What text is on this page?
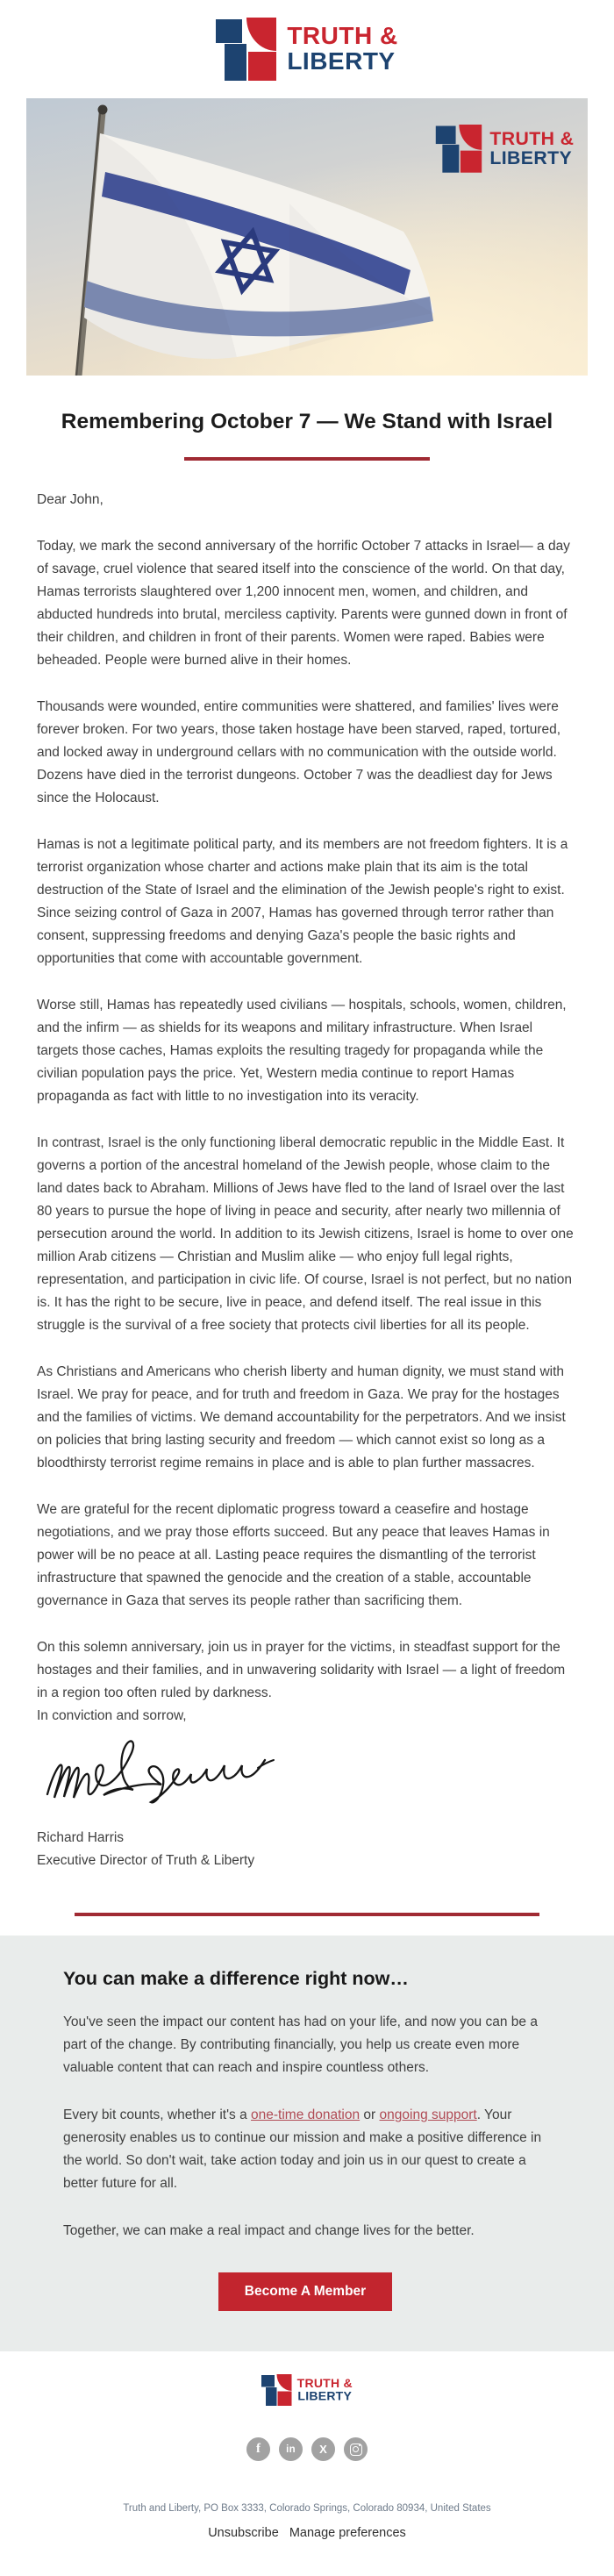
TRUTH &
LIBERTY
TRUTH &
LIBERTY
Remembering October 7 — We Stand with Israel

Dear John,

Today, we mark the second anniversary of the horrific October 7 attacks in Israel— a day of savage, cruel violence that seared itself into the conscience of the world. On that day, Hamas terrorists slaughtered over 1,200 innocent men, women, and children, and abducted hundreds into brutal, merciless captivity. Parents were gunned down in front of their children, and children in front of their parents. Women were raped. Babies were beheaded. People were burned alive in their homes.

Thousands were wounded, entire communities were shattered, and families' lives were forever broken. For two years, those taken hostage have been starved, raped, tortured, and locked away in underground cellars with no communication with the outside world. Dozens have died in the terrorist dungeons. October 7 was the deadliest day for Jews since the Holocaust.

Hamas is not a legitimate political party, and its members are not freedom fighters. It is a terrorist organization whose charter and actions make plain that its aim is the total destruction of the State of Israel and the elimination of the Jewish people's right to exist. Since seizing control of Gaza in 2007, Hamas has governed through terror rather than consent, suppressing freedoms and denying Gaza's people the basic rights and opportunities that come with accountable government.

Worse still, Hamas has repeatedly used civilians — hospitals, schools, women, children, and the infirm — as shields for its weapons and military infrastructure. When Israel targets those caches, Hamas exploits the resulting tragedy for propaganda while the civilian population pays the price. Yet, Western media continue to report Hamas propaganda as fact with little to no investigation into its veracity.

In contrast, Israel is the only functioning liberal democratic republic in the Middle East. It governs a portion of the ancestral homeland of the Jewish people, whose claim to the land dates back to Abraham. Millions of Jews have fled to the land of Israel over the last 80 years to pursue the hope of living in peace and security, after nearly two millennia of persecution around the world. In addition to its Jewish citizens, Israel is home to over one million Arab citizens — Christian and Muslim alike — who enjoy full legal rights, representation, and participation in civic life. Of course, Israel is not perfect, but no nation is. It has the right to be secure, live in peace, and defend itself. The real issue in this struggle is the survival of a free society that protects civil liberties for all its people.

As Christians and Americans who cherish liberty and human dignity, we must stand with Israel. We pray for peace, and for truth and freedom in Gaza. We pray for the hostages and the families of victims. We demand accountability for the perpetrators. And we insist on policies that bring lasting security and freedom — which cannot exist so long as a bloodthirsty terrorist regime remains in place and is able to plan further massacres.

We are grateful for the recent diplomatic progress toward a ceasefire and hostage negotiations, and we pray those efforts succeed. But any peace that leaves Hamas in power will be no peace at all. Lasting peace requires the dismantling of the terrorist infrastructure that spawned the genocide and the creation of a stable, accountable governance in Gaza that serves its people rather than sacrificing them.

On this solemn anniversary, join us in prayer for the victims, in steadfast support for the hostages and their families, and in unwavering solidarity with Israel — a light of freedom in a region too often ruled by darkness.

In conviction and sorrow,

Richard Harris

Executive Director of Truth & Liberty

You can make a difference right now…

You've seen the impact our content has had on your life, and now you can be a part of the change. By contributing financially, you help us create even more valuable content that can reach and inspire countless others.

Every bit counts, whether it's a one-time donation or ongoing support. Your generosity enables us to continue our mission and make a positive difference in the world. So don't wait, take action today and join us in our quest to create a better future for all.

Together, we can make a real impact and change lives for the better.

Become A Member
TRUTH &
LIBERTY
f	in	X

Truth and Liberty, PO Box 3333, Colorado Springs, Colorado 80934, United States

Unsubscribe Manage preferences
